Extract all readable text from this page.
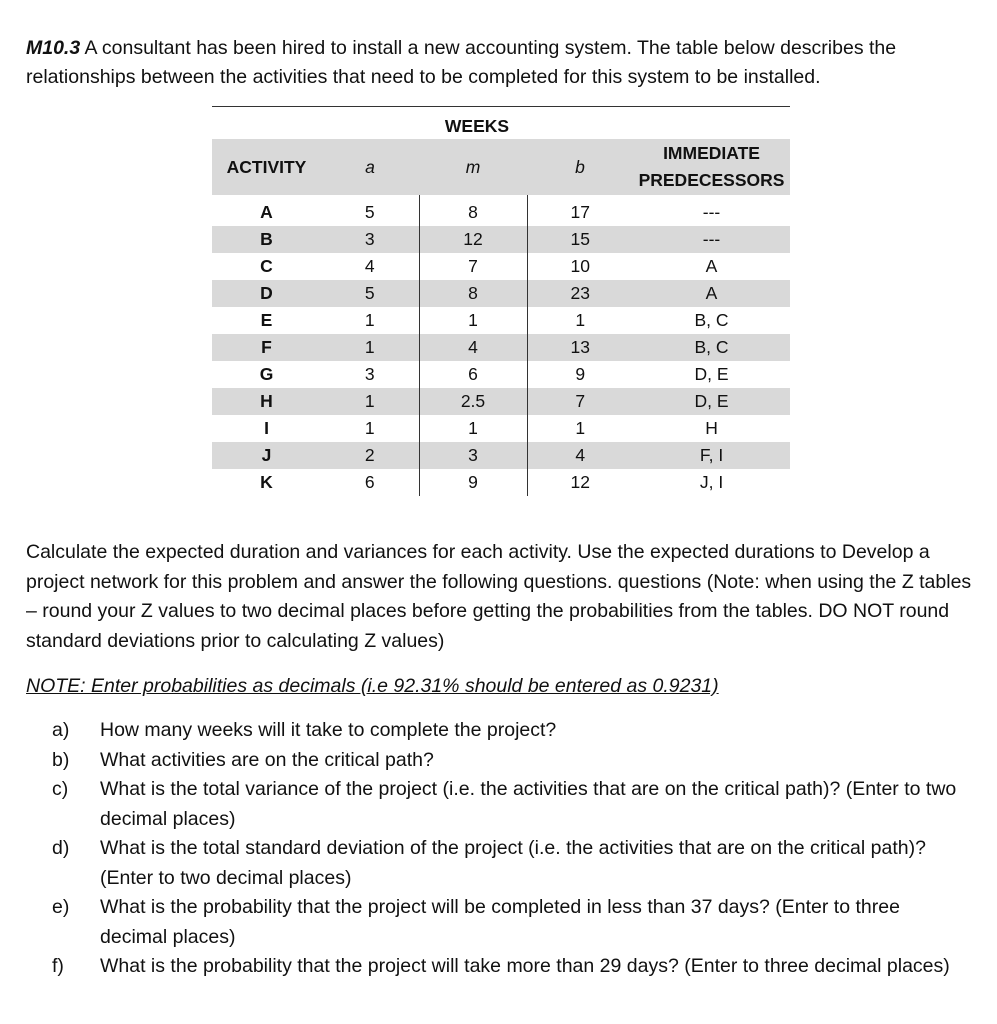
M10.3 A consultant has been hired to install a new accounting system. The table below describes the relationships between the activities that need to be completed for this system to be installed.

	WEEKS			
ACTIVITY	a	m	b	IMMEDIATE
PREDECESSORS

A	5	8	17	---
B	3	12	15	---
C	4	7	10	A
D	5	8	23	A
E	1	1	1	B, C
F	1	4	13	B, C
G	3	6	9	D, E
H	1	2.5	7	D, E
I	1	1	1	H
J	2	3	4	F, I
K	6	9	12	J, I

Calculate the expected duration and variances for each activity. Use the expected durations to Develop a project network for this problem and answer the following questions. questions (Note: when using the Z tables – round your Z values to two decimal places before getting the probabilities from the tables. DO NOT round standard deviations prior to calculating Z values)

NOTE: Enter probabilities as decimals (i.e 92.31% should be entered as 0.9231)

a)	How many weeks will it take to complete the project?
b)	What activities are on the critical path?
c)	What is the total variance of the project (i.e. the activities that are on the critical path)? (Enter to two decimal places)
d)	What is the total standard deviation of the project (i.e. the activities that are on the critical path)? (Enter to two decimal places)
e)	What is the probability that the project will be completed in less than 37 days? (Enter to three decimal places)
f)	What is the probability that the project will take more than 29 days? (Enter to three decimal places)
